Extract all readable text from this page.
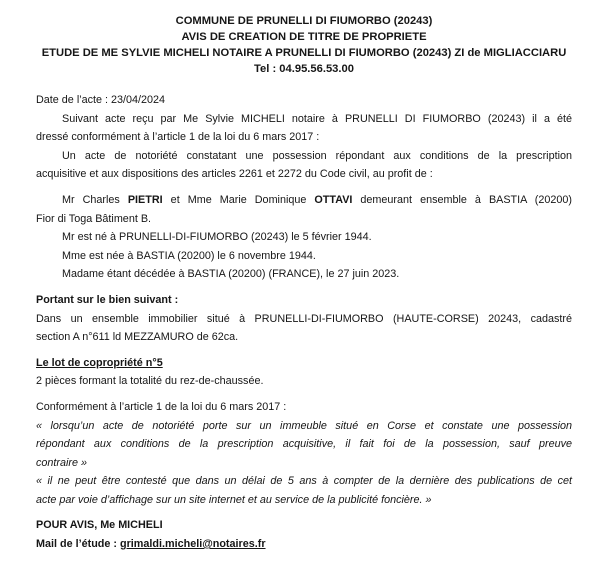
COMMUNE DE PRUNELLI DI FIUMORBO (20243)
AVIS DE CREATION DE TITRE DE PROPRIETE
ETUDE DE ME SYLVIE MICHELI NOTAIRE A PRUNELLI DI FIUMORBO (20243) ZI de MIGLIACCIARU
Tel : 04.95.56.53.00
Date de l’acte : 23/04/2024
Suivant acte reçu par Me Sylvie MICHELI notaire à PRUNELLI DI FIUMORBO (20243) il a été
dressé conformément à l’article 1 de la loi du 6 mars 2017 :
Un acte de notoriété constatant une possession répondant aux conditions de la prescription
acquisitive et aux dispositions des articles 2261 et 2272 du Code civil, au profit de :
Mr Charles PIETRI et Mme Marie Dominique OTTAVI demeurant ensemble à BASTIA (20200)
Fior di Toga Bâtiment B.
Mr est né à PRUNELLI-DI-FIUMORBO (20243) le 5 février 1944.
Mme est née à BASTIA (20200) le 6 novembre 1944.
Madame étant décédée à BASTIA (20200) (FRANCE), le 27 juin 2023.
Portant sur le bien suivant :
Dans un ensemble immobilier situé à PRUNELLI-DI-FIUMORBO (HAUTE-CORSE) 20243, cadastré
section A n°611 ld MEZZAMURO de 62ca.
Le lot de copropriété n°5
2 pièces formant la totalité du rez-de-chaussée.
Conformément à l’article 1 de la loi du 6 mars 2017 :
« lorsqu’un acte de notoriété porte sur un immeuble situé en Corse et constate une possession
répondant aux conditions de la prescription acquisitive, il fait foi de la possession, sauf preuve
contraire »
« il ne peut être contesté que dans un délai de 5 ans à compter de la dernière des publications de cet
acte par voie d’affichage sur un site internet et au service de la publicité foncière. »
POUR AVIS, Me MICHELI
Mail de l’étude : grimaldi.micheli@notaires.fr
